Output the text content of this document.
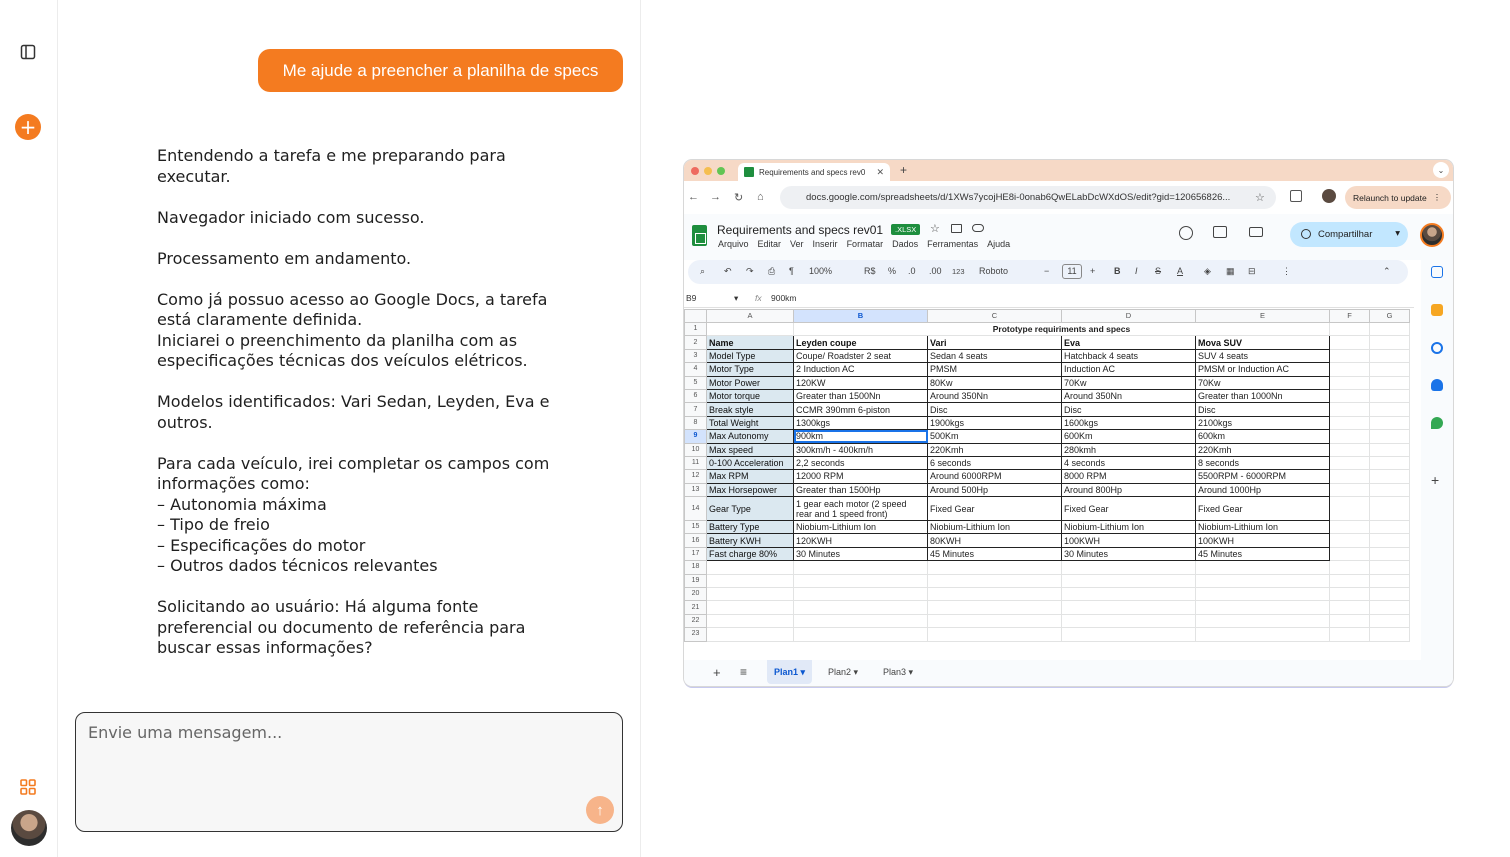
+
Me ajude a preencher a planilha de specs

Entendendo a tarefa e me preparando para executar.

Navegador iniciado com sucesso.

Processamento em andamento.

Como já possuo acesso ao Google Docs, a tarefa está claramente definida.
Iniciarei o preenchimento da planilha com as especificações técnicas dos veículos elétricos.

Modelos identificados: Vari Sedan, Leyden, Eva e outros.

Para cada veículo, irei completar os campos com informações como:
– Autonomia máxima
– Tipo de freio
– Especificações do motor
– Outros dados técnicos relevantes

Solicitando ao usuário: Há alguma fonte preferencial ou documento de referência para buscar essas informações?

Envie uma mensagem...
↑
Requirements and specs rev0 ✕ +	⌄
← → ↻ ⌂	docs.google.com/spreadsheets/d/1XWs7ycojHE8i-0onab6QwELabDcWXdOS/edit?gid=120656826...	☆	Relaunch to update ⋮
Requirements and specs rev01	.XLSX	☆
Arquivo Editar Ver Inserir Formatar Dados Ferramentas Ajuda
Compartilhar ▾
⌕ ↶ ↷ ⎙ ¶ 100%	R$ % .0 .00 123 Roboto	−	11	+ B I S A ◈ ▦ ⊟	⋮	⌃
B9	▾ fx 900km
	A	B	C	D	E	F	G
1		Prototype requiriments and specs					
2	Name	Leyden coupe	Vari	Eva	Mova SUV		
3	Model Type	Coupe/ Roadster 2 seat	Sedan 4 seats	Hatchback 4 seats	SUV 4 seats		
4	Motor Type	2 Induction AC	PMSM	Induction AC	PMSM or Induction AC		
5	Motor Power	120KW	80Kw	70Kw	70Kw		
6	Motor torque	Greater than 1500Nn	Around 350Nn	Around 350Nn	Greater than 1000Nn		
7	Break style	CCMR 390mm 6-piston	Disc	Disc	Disc		
8	Total Weight	1300kgs	1900kgs	1600kgs	2100kgs		
9	Max Autonomy	900km	500Km	600Km	600km		
10	Max speed	300km/h - 400km/h	220Kmh	280kmh	220Kmh		
11	0-100 Acceleration	2,2 seconds	6 seconds	4 seconds	8 seconds		
12	Max RPM	12000 RPM	Around 6000RPM	8000 RPM	5500RPM - 6000RPM		
13	Max Horsepower	Greater than 1500Hp	Around 500Hp	Around 800Hp	Around 1000Hp		
14	Gear Type	1 gear each motor (2 speed rear and 1 speed front)	Fixed Gear	Fixed Gear	Fixed Gear		
15	Battery Type	Niobium-Lithium Ion	Niobium-Lithium Ion	Niobium-Lithium Ion	Niobium-Lithium Ion		
16	Battery KWH	120KWH	80KWH	100KWH	100KWH		
17	Fast charge 80%	30 Minutes	45 Minutes	30 Minutes	45 Minutes		
18							
19							
20							
21							
22							
23							
+
+	≡	Plan1 ▾	Plan2 ▾	Plan3 ▾
